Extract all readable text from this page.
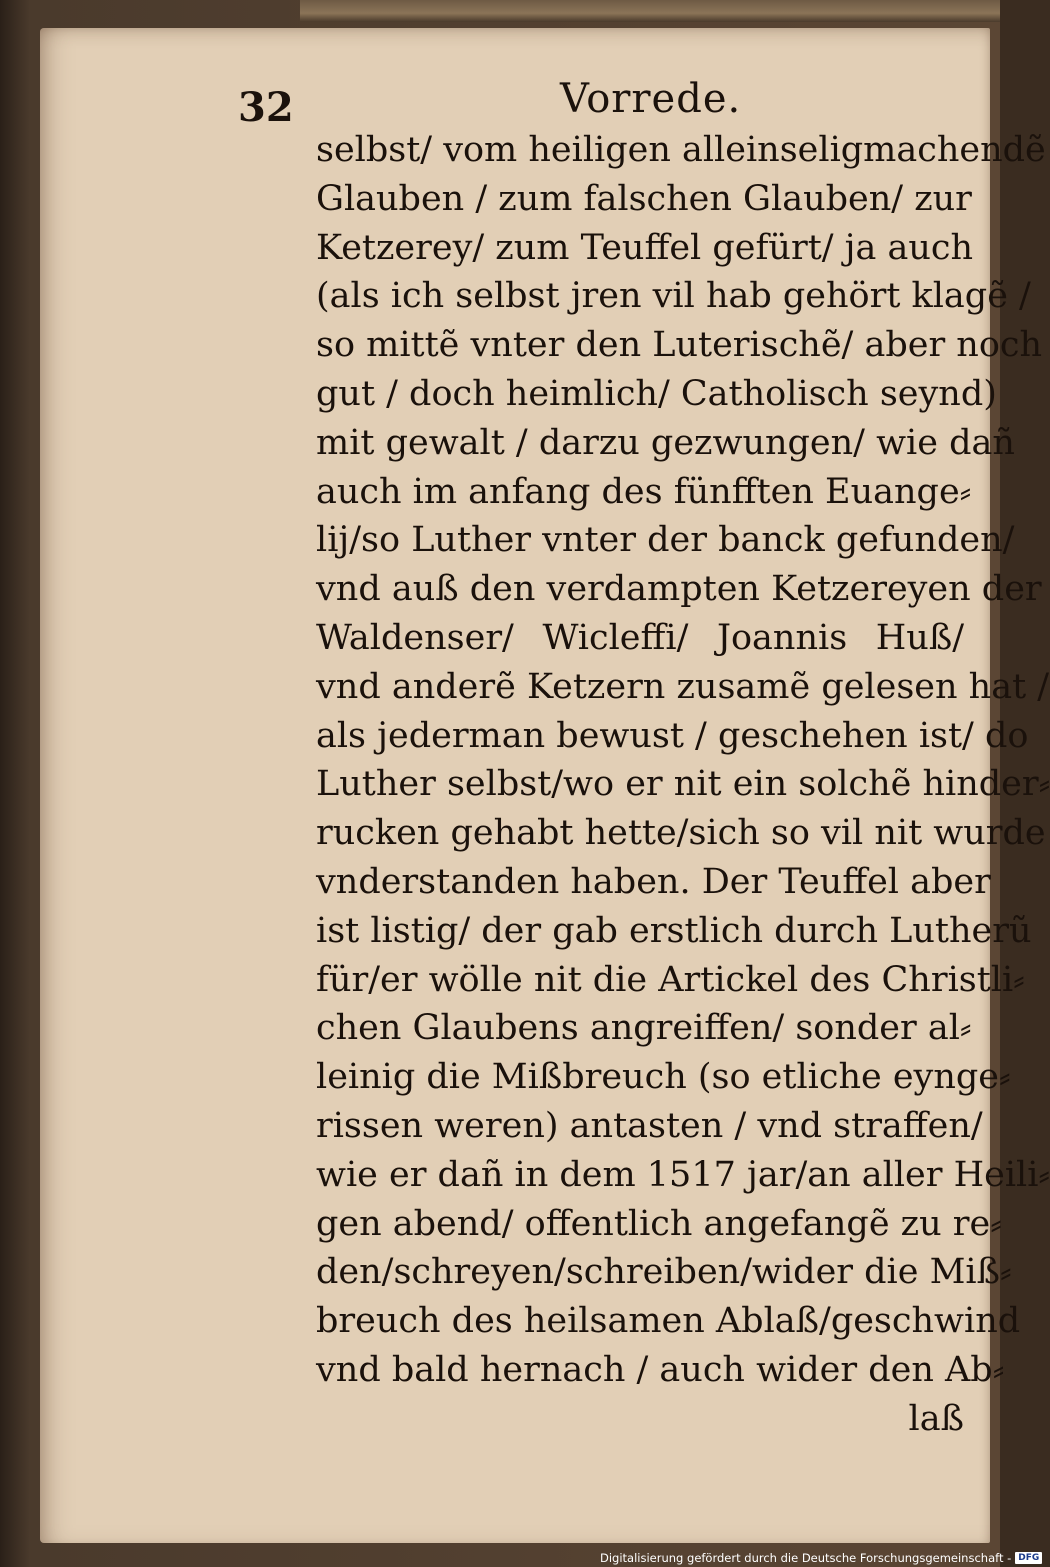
32	Vorrede.
selbst/ vom heiligen alleinseligmachendẽ
Glauben / zum falschen Glauben/ zur
Ketzerey/ zum Teuffel gefürt/ ja auch
(als ich selbst jren vil hab gehört klagẽ /
so mittẽ vnter den Luterischẽ/ aber noch
gut / doch heimlich/ Catholisch seynd)
mit gewalt / darzu gezwungen/ wie dañ
auch im anfang des fünfften Euange⸗
lij/so Luther vnter der banck gefunden/
vnd auß den verdampten Ketzereyen der
Waldenser/ Wicleffi/ Joannis Huß/
vnd anderẽ Ketzern zusamẽ gelesen hat /
als jederman bewust / geschehen ist/ do
Luther selbst/wo er nit ein solchẽ hinder⸗
rucken gehabt hette/sich so vil nit wurde
vnderstanden haben. Der Teuffel aber
ist listig/ der gab erstlich durch Lutherũ
für/er wölle nit die Artickel des Christli⸗
chen Glaubens angreiffen/ sonder al⸗
leinig die Mißbreuch (so etliche eynge⸗
rissen weren) antasten / vnd straffen/
wie er dañ in dem 1517 jar/an aller Heili⸗
gen abend/ offentlich angefangẽ zu re⸗
den/schreyen/schreiben/wider die Miß⸗
breuch des heilsamen Ablaß/geschwind
vnd bald hernach / auch wider den Ab⸗
laß
Digitalisierung gefördert durch die Deutsche Forschungsgemeinschaft - DFG
